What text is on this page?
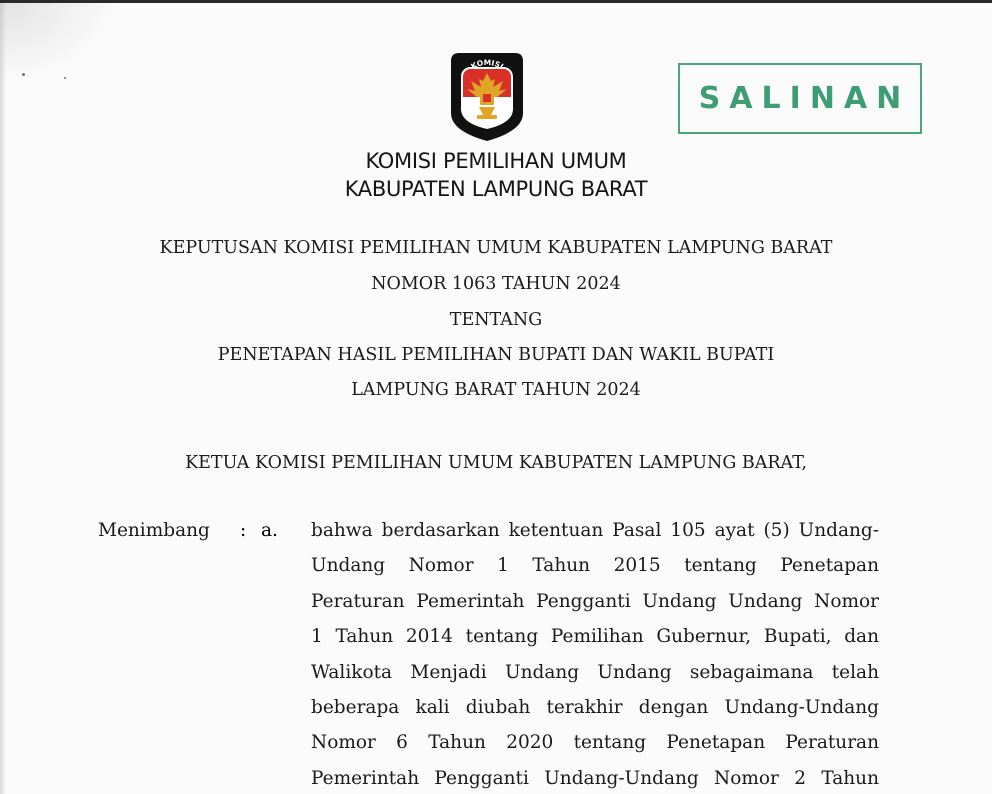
KOMISI
PEMILIHAN UMUM	SALINAN
KOMISI PEMILIHAN UMUM
KABUPATEN LAMPUNG BARAT
KEPUTUSAN KOMISI PEMILIHAN UMUM KABUPATEN LAMPUNG BARAT
NOMOR 1063 TAHUN 2024
TENTANG
PENETAPAN HASIL PEMILIHAN BUPATI DAN WAKIL BUPATI
LAMPUNG BARAT TAHUN 2024
KETUA KOMISI PEMILIHAN UMUM KABUPATEN LAMPUNG BARAT,
Menimbang : a. bahwa berdasarkan ketentuan Pasal 105 ayat (5) Undang-
Undang Nomor 1 Tahun 2015 tentang Penetapan
Peraturan Pemerintah Pengganti Undang Undang Nomor
1 Tahun 2014 tentang Pemilihan Gubernur, Bupati, dan
Walikota Menjadi Undang Undang sebagaimana telah
beberapa kali diubah terakhir dengan Undang-Undang
Nomor 6 Tahun 2020 tentang Penetapan Peraturan
Pemerintah Pengganti Undang-Undang Nomor 2 Tahun
